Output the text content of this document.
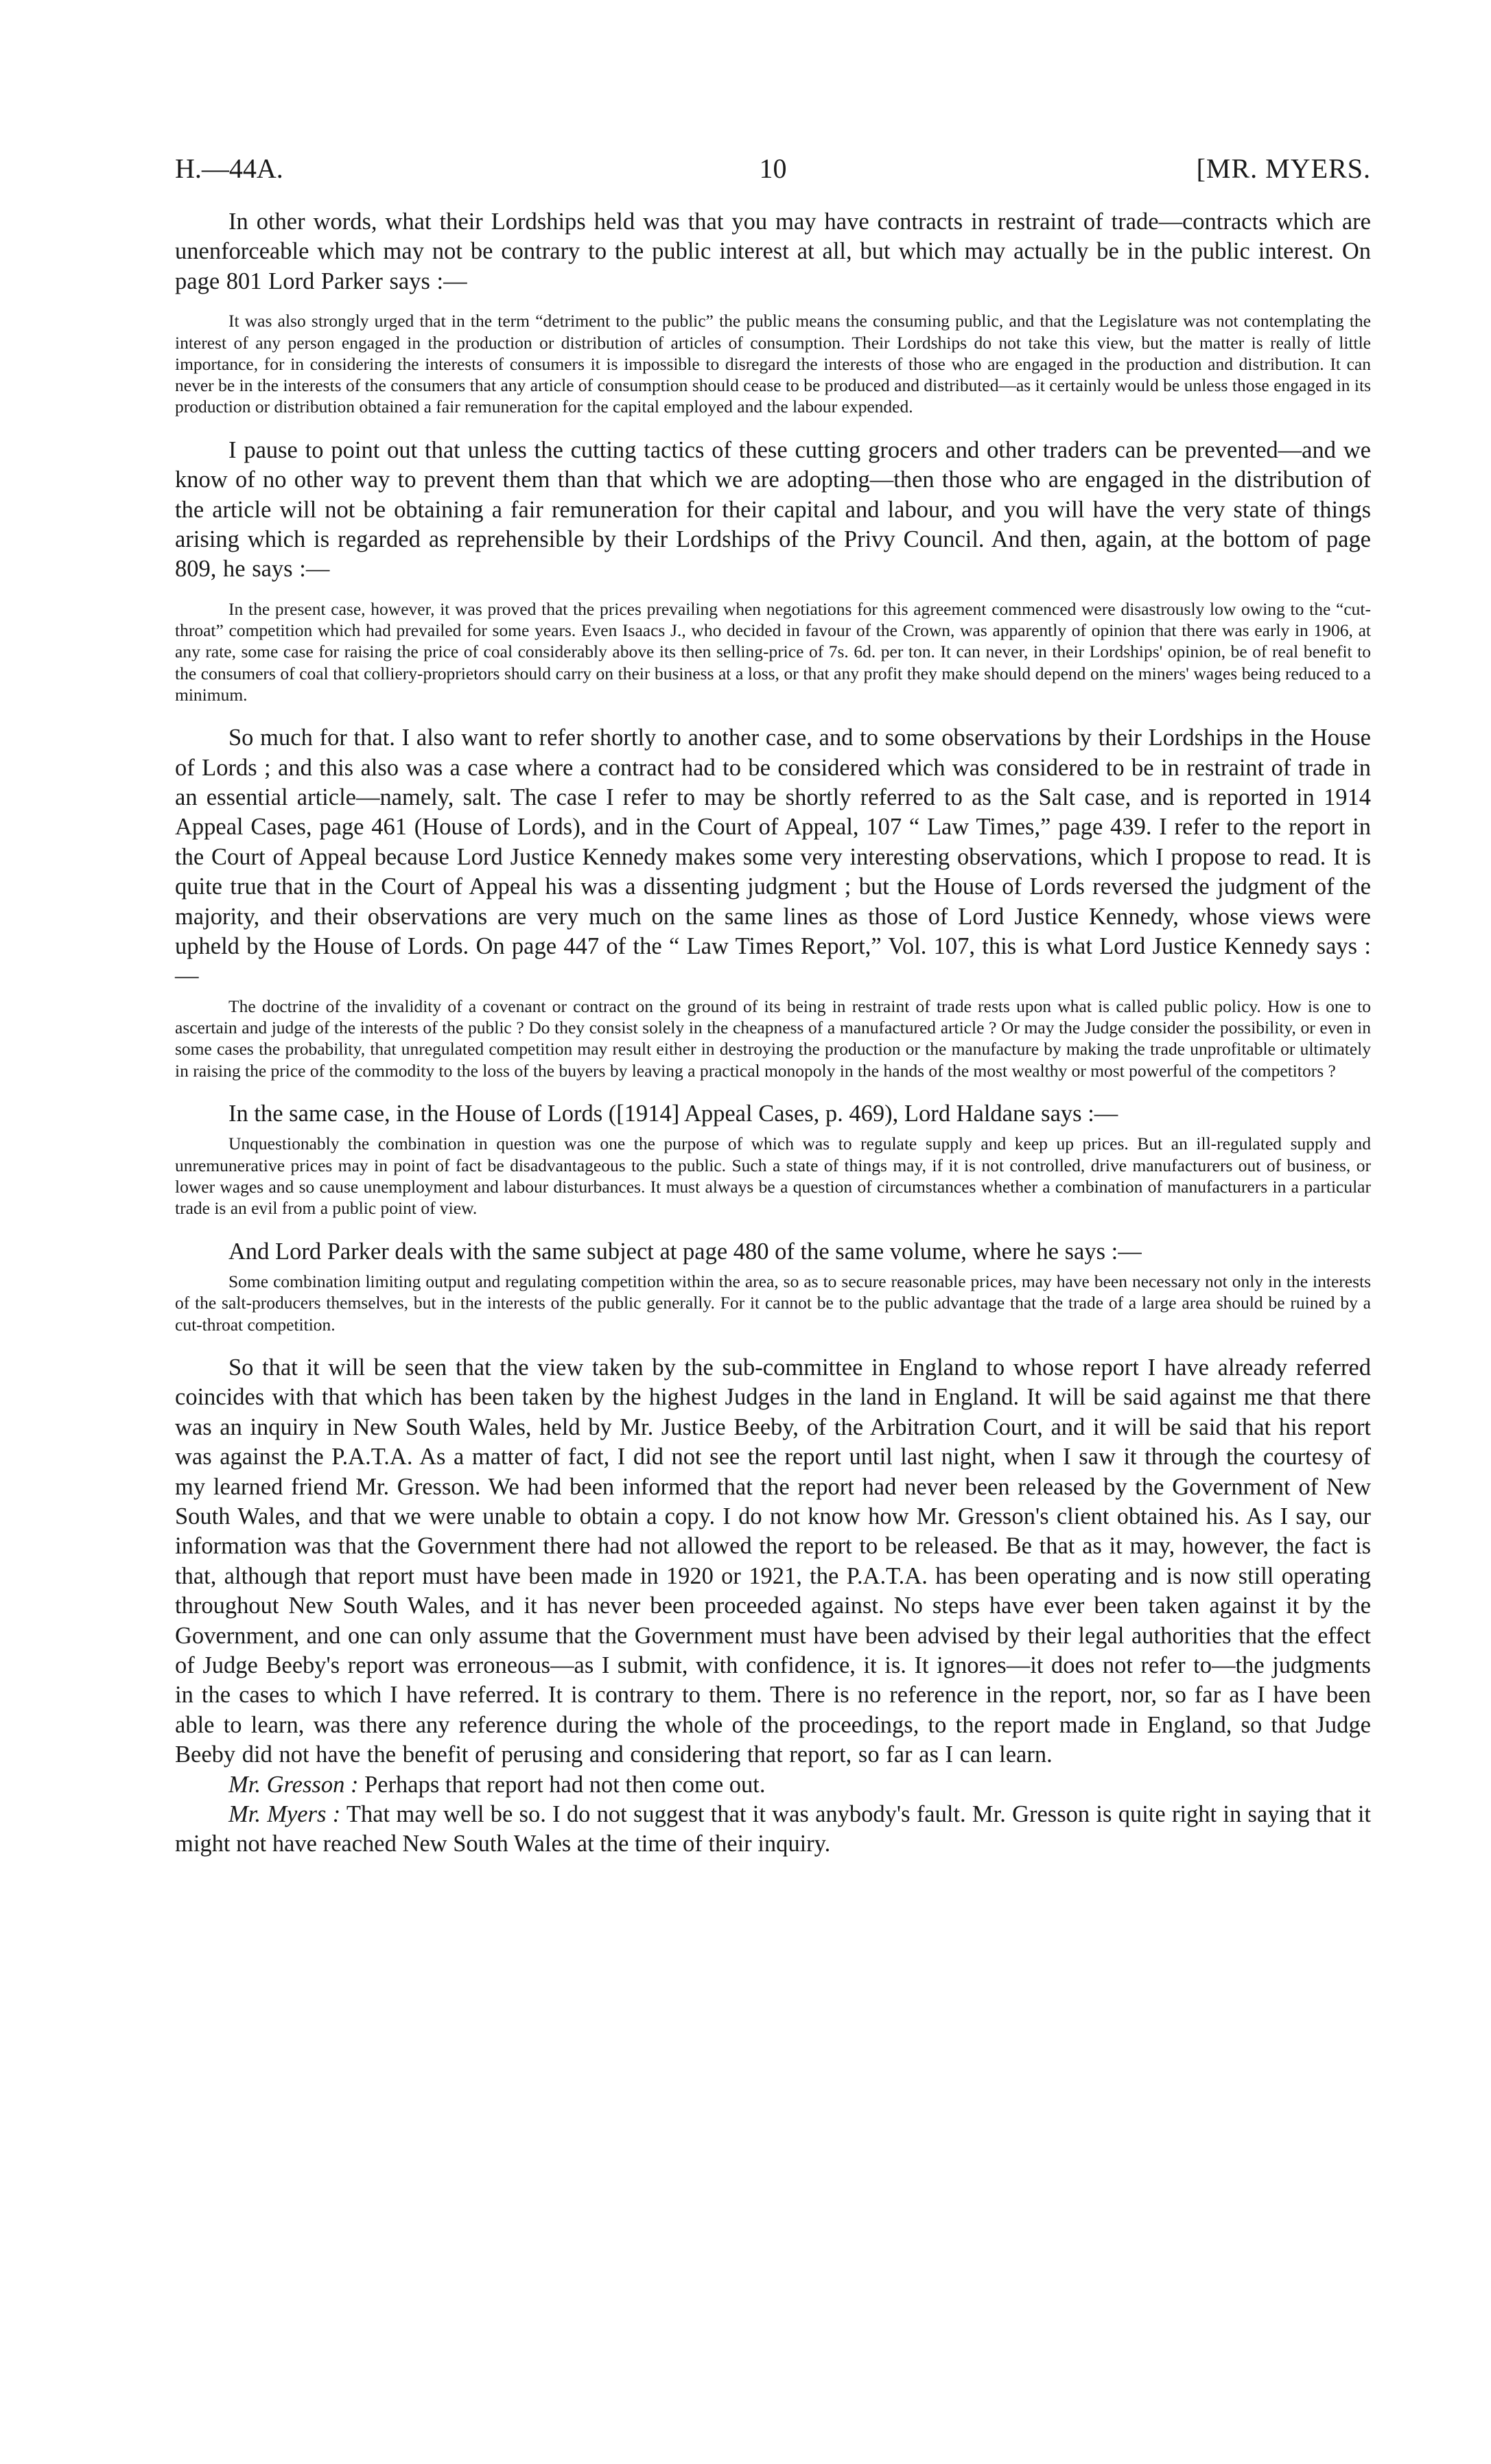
H.—44A.	10	[MR. MYERS.

In other words, what their Lordships held was that you may have contracts in restraint of trade—contracts which are unenforceable which may not be contrary to the public interest at all, but which may actually be in the public interest. On page 801 Lord Parker says :—

It was also strongly urged that in the term “detriment to the public” the public means the consuming public, and that the Legislature was not contemplating the interest of any person engaged in the production or distribution of articles of consumption. Their Lordships do not take this view, but the matter is really of little importance, for in considering the interests of consumers it is impossible to disregard the interests of those who are engaged in the production and distribution. It can never be in the interests of the consumers that any article of consumption should cease to be produced and distributed—as it certainly would be unless those engaged in its production or distribution obtained a fair remuneration for the capital employed and the labour expended.

I pause to point out that unless the cutting tactics of these cutting grocers and other traders can be prevented—and we know of no other way to prevent them than that which we are adopting—then those who are engaged in the distribution of the article will not be obtaining a fair remuneration for their capital and labour, and you will have the very state of things arising which is regarded as reprehensible by their Lordships of the Privy Council. And then, again, at the bottom of page 809, he says :—

In the present case, however, it was proved that the prices prevailing when negotiations for this agreement commenced were disastrously low owing to the “cut-throat” competition which had prevailed for some years. Even Isaacs J., who decided in favour of the Crown, was apparently of opinion that there was early in 1906, at any rate, some case for raising the price of coal considerably above its then selling-price of 7s. 6d. per ton. It can never, in their Lordships' opinion, be of real benefit to the consumers of coal that colliery-proprietors should carry on their business at a loss, or that any profit they make should depend on the miners' wages being reduced to a minimum.

So much for that. I also want to refer shortly to another case, and to some observations by their Lordships in the House of Lords ; and this also was a case where a contract had to be considered which was considered to be in restraint of trade in an essential article—namely, salt. The case I refer to may be shortly referred to as the Salt case, and is reported in 1914 Appeal Cases, page 461 (House of Lords), and in the Court of Appeal, 107 “ Law Times,” page 439. I refer to the report in the Court of Appeal because Lord Justice Kennedy makes some very interesting observations, which I propose to read. It is quite true that in the Court of Appeal his was a dissenting judgment ; but the House of Lords reversed the judgment of the majority, and their observations are very much on the same lines as those of Lord Justice Kennedy, whose views were upheld by the House of Lords. On page 447 of the “ Law Times Report,” Vol. 107, this is what Lord Justice Kennedy says :—

The doctrine of the invalidity of a covenant or contract on the ground of its being in restraint of trade rests upon what is called public policy. How is one to ascertain and judge of the interests of the public ? Do they consist solely in the cheapness of a manufactured article ? Or may the Judge consider the possibility, or even in some cases the probability, that unregulated competition may result either in destroying the production or the manufacture by making the trade unprofitable or ultimately in raising the price of the commodity to the loss of the buyers by leaving a practical monopoly in the hands of the most wealthy or most powerful of the competitors ?

In the same case, in the House of Lords ([1914] Appeal Cases, p. 469), Lord Haldane says :—

Unquestionably the combination in question was one the purpose of which was to regulate supply and keep up prices. But an ill-regulated supply and unremunerative prices may in point of fact be disadvantageous to the public. Such a state of things may, if it is not controlled, drive manufacturers out of business, or lower wages and so cause unemployment and labour disturbances. It must always be a question of circumstances whether a combination of manufacturers in a particular trade is an evil from a public point of view.

And Lord Parker deals with the same subject at page 480 of the same volume, where he says :—

Some combination limiting output and regulating competition within the area, so as to secure reasonable prices, may have been necessary not only in the interests of the salt-producers themselves, but in the interests of the public generally. For it cannot be to the public advantage that the trade of a large area should be ruined by a cut-throat competition.

So that it will be seen that the view taken by the sub-committee in England to whose report I have already referred coincides with that which has been taken by the highest Judges in the land in England. It will be said against me that there was an inquiry in New South Wales, held by Mr. Justice Beeby, of the Arbitration Court, and it will be said that his report was against the P.A.T.A. As a matter of fact, I did not see the report until last night, when I saw it through the courtesy of my learned friend Mr. Gresson. We had been informed that the report had never been released by the Government of New South Wales, and that we were unable to obtain a copy. I do not know how Mr. Gresson's client obtained his. As I say, our information was that the Government there had not allowed the report to be released. Be that as it may, however, the fact is that, although that report must have been made in 1920 or 1921, the P.A.T.A. has been operating and is now still operating throughout New South Wales, and it has never been proceeded against. No steps have ever been taken against it by the Government, and one can only assume that the Government must have been advised by their legal authorities that the effect of Judge Beeby's report was erroneous—as I submit, with confidence, it is. It ignores—it does not refer to—the judgments in the cases to which I have referred. It is contrary to them. There is no reference in the report, nor, so far as I have been able to learn, was there any reference during the whole of the proceedings, to the report made in England, so that Judge Beeby did not have the benefit of perusing and considering that report, so far as I can learn.

Mr. Gresson : Perhaps that report had not then come out.

Mr. Myers : That may well be so. I do not suggest that it was anybody's fault. Mr. Gresson is quite right in saying that it might not have reached New South Wales at the time of their inquiry.
